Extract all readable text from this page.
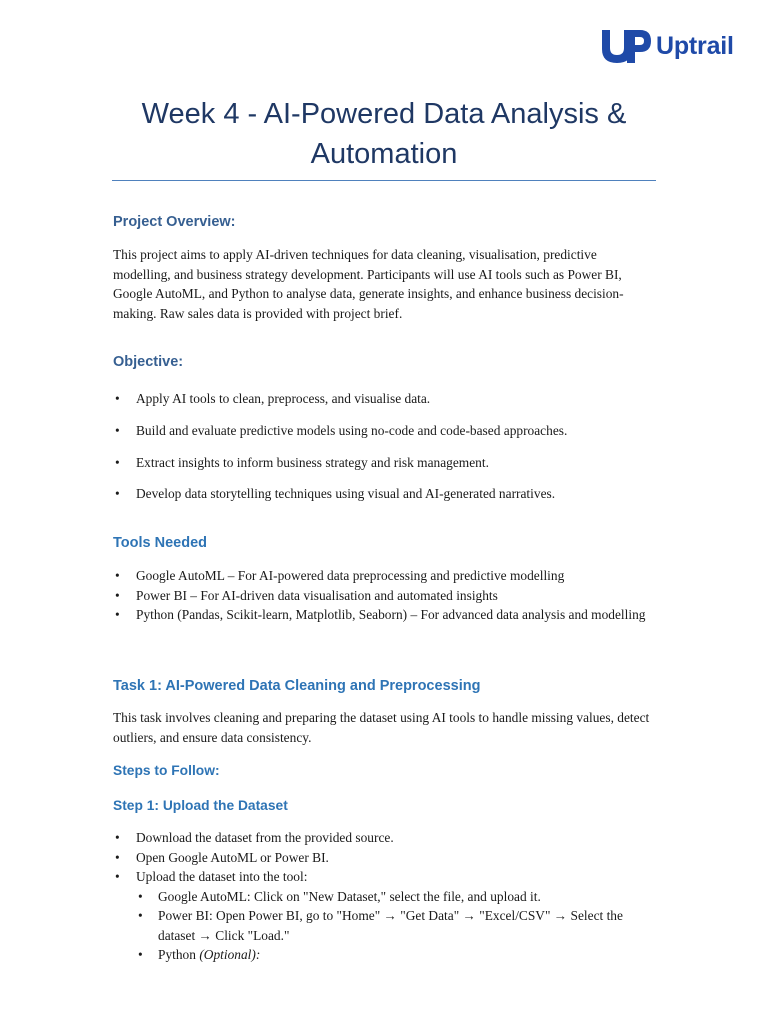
Uptrail
Week 4 - AI-Powered Data Analysis & Automation
Project Overview:
This project aims to apply AI-driven techniques for data cleaning, visualisation, predictive modelling, and business strategy development. Participants will use AI tools such as Power BI, Google AutoML, and Python to analyse data, generate insights, and enhance business decision-making. Raw sales data is provided with project brief.
Objective:
• Apply AI tools to clean, preprocess, and visualise data.
• Build and evaluate predictive models using no-code and code-based approaches.
• Extract insights to inform business strategy and risk management.
• Develop data storytelling techniques using visual and AI-generated narratives.
Tools Needed
• Google AutoML – For AI-powered data preprocessing and predictive modelling
• Power BI – For AI-driven data visualisation and automated insights
• Python (Pandas, Scikit-learn, Matplotlib, Seaborn) – For advanced data analysis and modelling
Task 1: AI-Powered Data Cleaning and Preprocessing
This task involves cleaning and preparing the dataset using AI tools to handle missing values, detect outliers, and ensure data consistency.
Steps to Follow:
Step 1: Upload the Dataset
• Download the dataset from the provided source.
• Open Google AutoML or Power BI.
• Upload the dataset into the tool:
• Google AutoML: Click on "New Dataset," select the file, and upload it.
• Power BI: Open Power BI, go to "Home" → "Get Data" → "Excel/CSV" → Select the dataset → Click "Load."
• Python (Optional):
